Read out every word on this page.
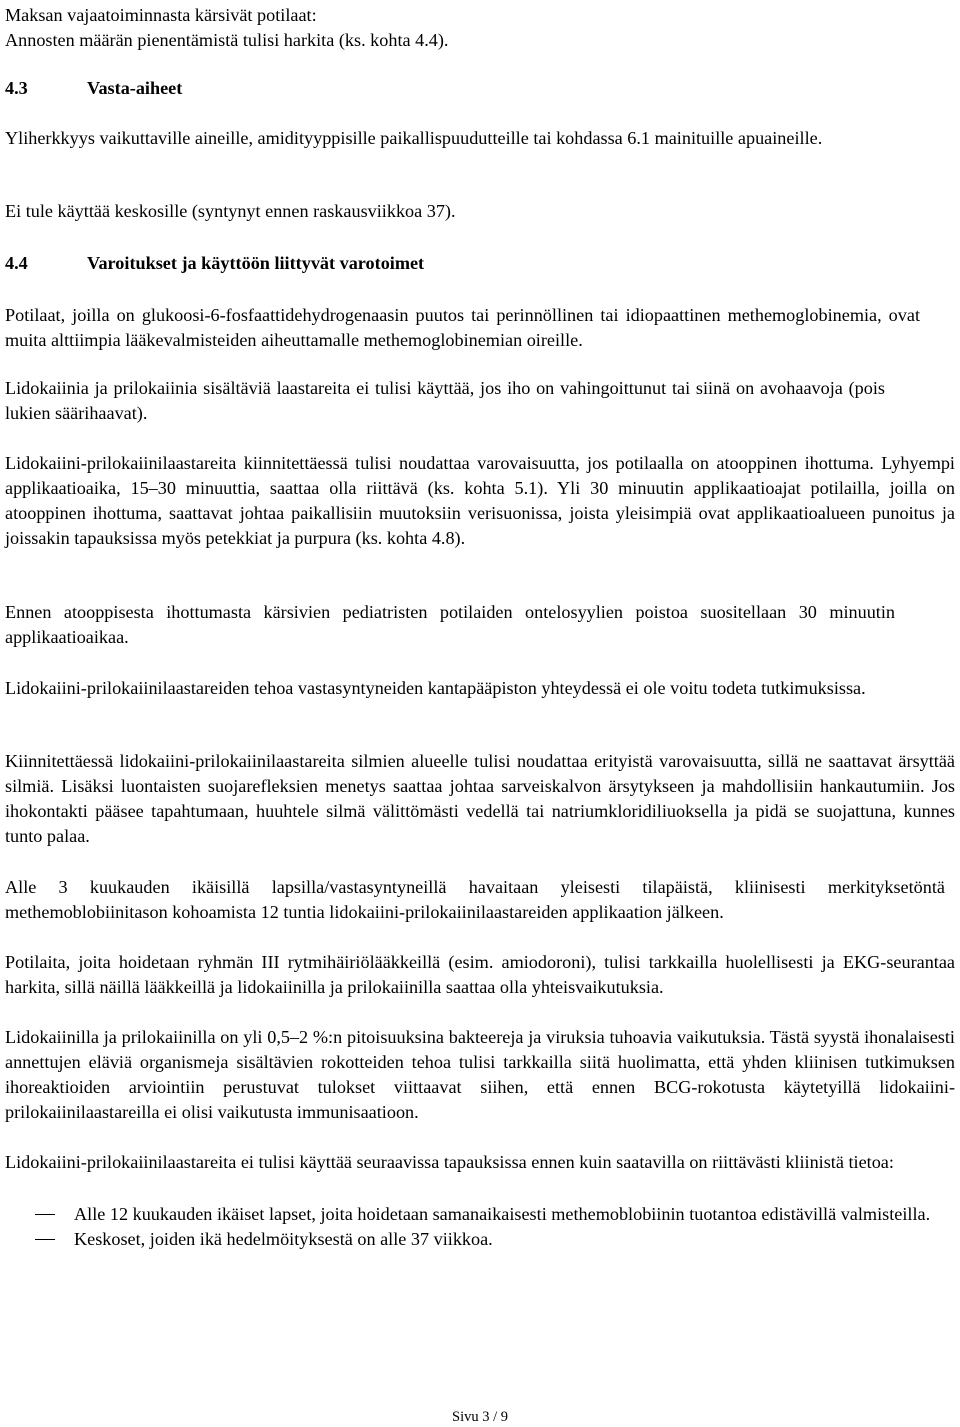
Maksan vajaatoiminnasta kärsivät potilaat:

Annosten määrän pienentämistä tulisi harkita (ks. kohta 4.4).

4.3	Vasta-aiheet

Yliherkkyys vaikuttaville aineille, amidityyppisille paikallispuudutteille tai kohdassa 6.1 mainituille apuaineille.

Ei tule käyttää keskosille (syntynyt ennen raskausviikkoa 37).

4.4	Varoitukset ja käyttöön liittyvät varotoimet

Potilaat, joilla on glukoosi-6-fosfaattidehydrogenaasin puutos tai perinnöllinen tai idiopaattinen methemoglobinemia, ovat muita alttiimpia lääkevalmisteiden aiheuttamalle methemoglobinemian oireille.

Lidokaiinia ja prilokaiinia sisältäviä laastareita ei tulisi käyttää, jos iho on vahingoittunut tai siinä on avohaavoja (pois lukien säärihaavat).

Lidokaiini-prilokaiinilaastareita kiinnitettäessä tulisi noudattaa varovaisuutta, jos potilaalla on atooppinen ihottuma. Lyhyempi applikaatioaika, 15–30 minuuttia, saattaa olla riittävä (ks. kohta 5.1). Yli 30 minuutin applikaatioajat potilailla, joilla on atooppinen ihottuma, saattavat johtaa paikallisiin muutoksiin verisuonissa, joista yleisimpiä ovat applikaatioalueen punoitus ja joissakin tapauksissa myös petekkiat ja purpura (ks. kohta 4.8).

Ennen atooppisesta ihottumasta kärsivien pediatristen potilaiden ontelosyylien poistoa suositellaan 30 minuutin applikaatioaikaa.

Lidokaiini-prilokaiinilaastareiden tehoa vastasyntyneiden kantapääpiston yhteydessä ei ole voitu todeta tutkimuksissa.

Kiinnitettäessä lidokaiini-prilokaiinilaastareita silmien alueelle tulisi noudattaa erityistä varovaisuutta, sillä ne saattavat ärsyttää silmiä. Lisäksi luontaisten suojarefleksien menetys saattaa johtaa sarveiskalvon ärsytykseen ja mahdollisiin hankautumiin. Jos ihokontakti pääsee tapahtumaan, huuhtele silmä välittömästi vedellä tai natriumkloridiliuoksella ja pidä se suojattuna, kunnes tunto palaa.

Alle 3 kuukauden ikäisillä lapsilla/vastasyntyneillä havaitaan yleisesti tilapäistä, kliinisesti merkityksetöntä methemoblobiinitason kohoamista 12 tuntia lidokaiini-prilokaiinilaastareiden applikaation jälkeen.

Potilaita, joita hoidetaan ryhmän III rytmihäiriölääkkeillä (esim. amiodoroni), tulisi tarkkailla huolellisesti ja EKG-seurantaa harkita, sillä näillä lääkkeillä ja lidokaiinilla ja prilokaiinilla saattaa olla yhteisvaikutuksia.

Lidokaiinilla ja prilokaiinilla on yli 0,5–2 %:n pitoisuuksina bakteereja ja viruksia tuhoavia vaikutuksia. Tästä syystä ihonalaisesti annettujen eläviä organismeja sisältävien rokotteiden tehoa tulisi tarkkailla siitä huolimatta, että yhden kliinisen tutkimuksen ihoreaktioiden arviointiin perustuvat tulokset viittaavat siihen, että ennen BCG-rokotusta käytetyillä lidokaiini-prilokaiinilaastareilla ei olisi vaikutusta immunisaatioon.

Lidokaiini-prilokaiinilaastareita ei tulisi käyttää seuraavissa tapauksissa ennen kuin saatavilla on riittävästi kliinistä tietoa:

Alle 12 kuukauden ikäiset lapset, joita hoidetaan samanaikaisesti methemoblobiinin tuotantoa edistävillä valmisteilla.
Keskoset, joiden ikä hedelmöityksestä on alle 37 viikkoa.
Sivu 3 / 9
